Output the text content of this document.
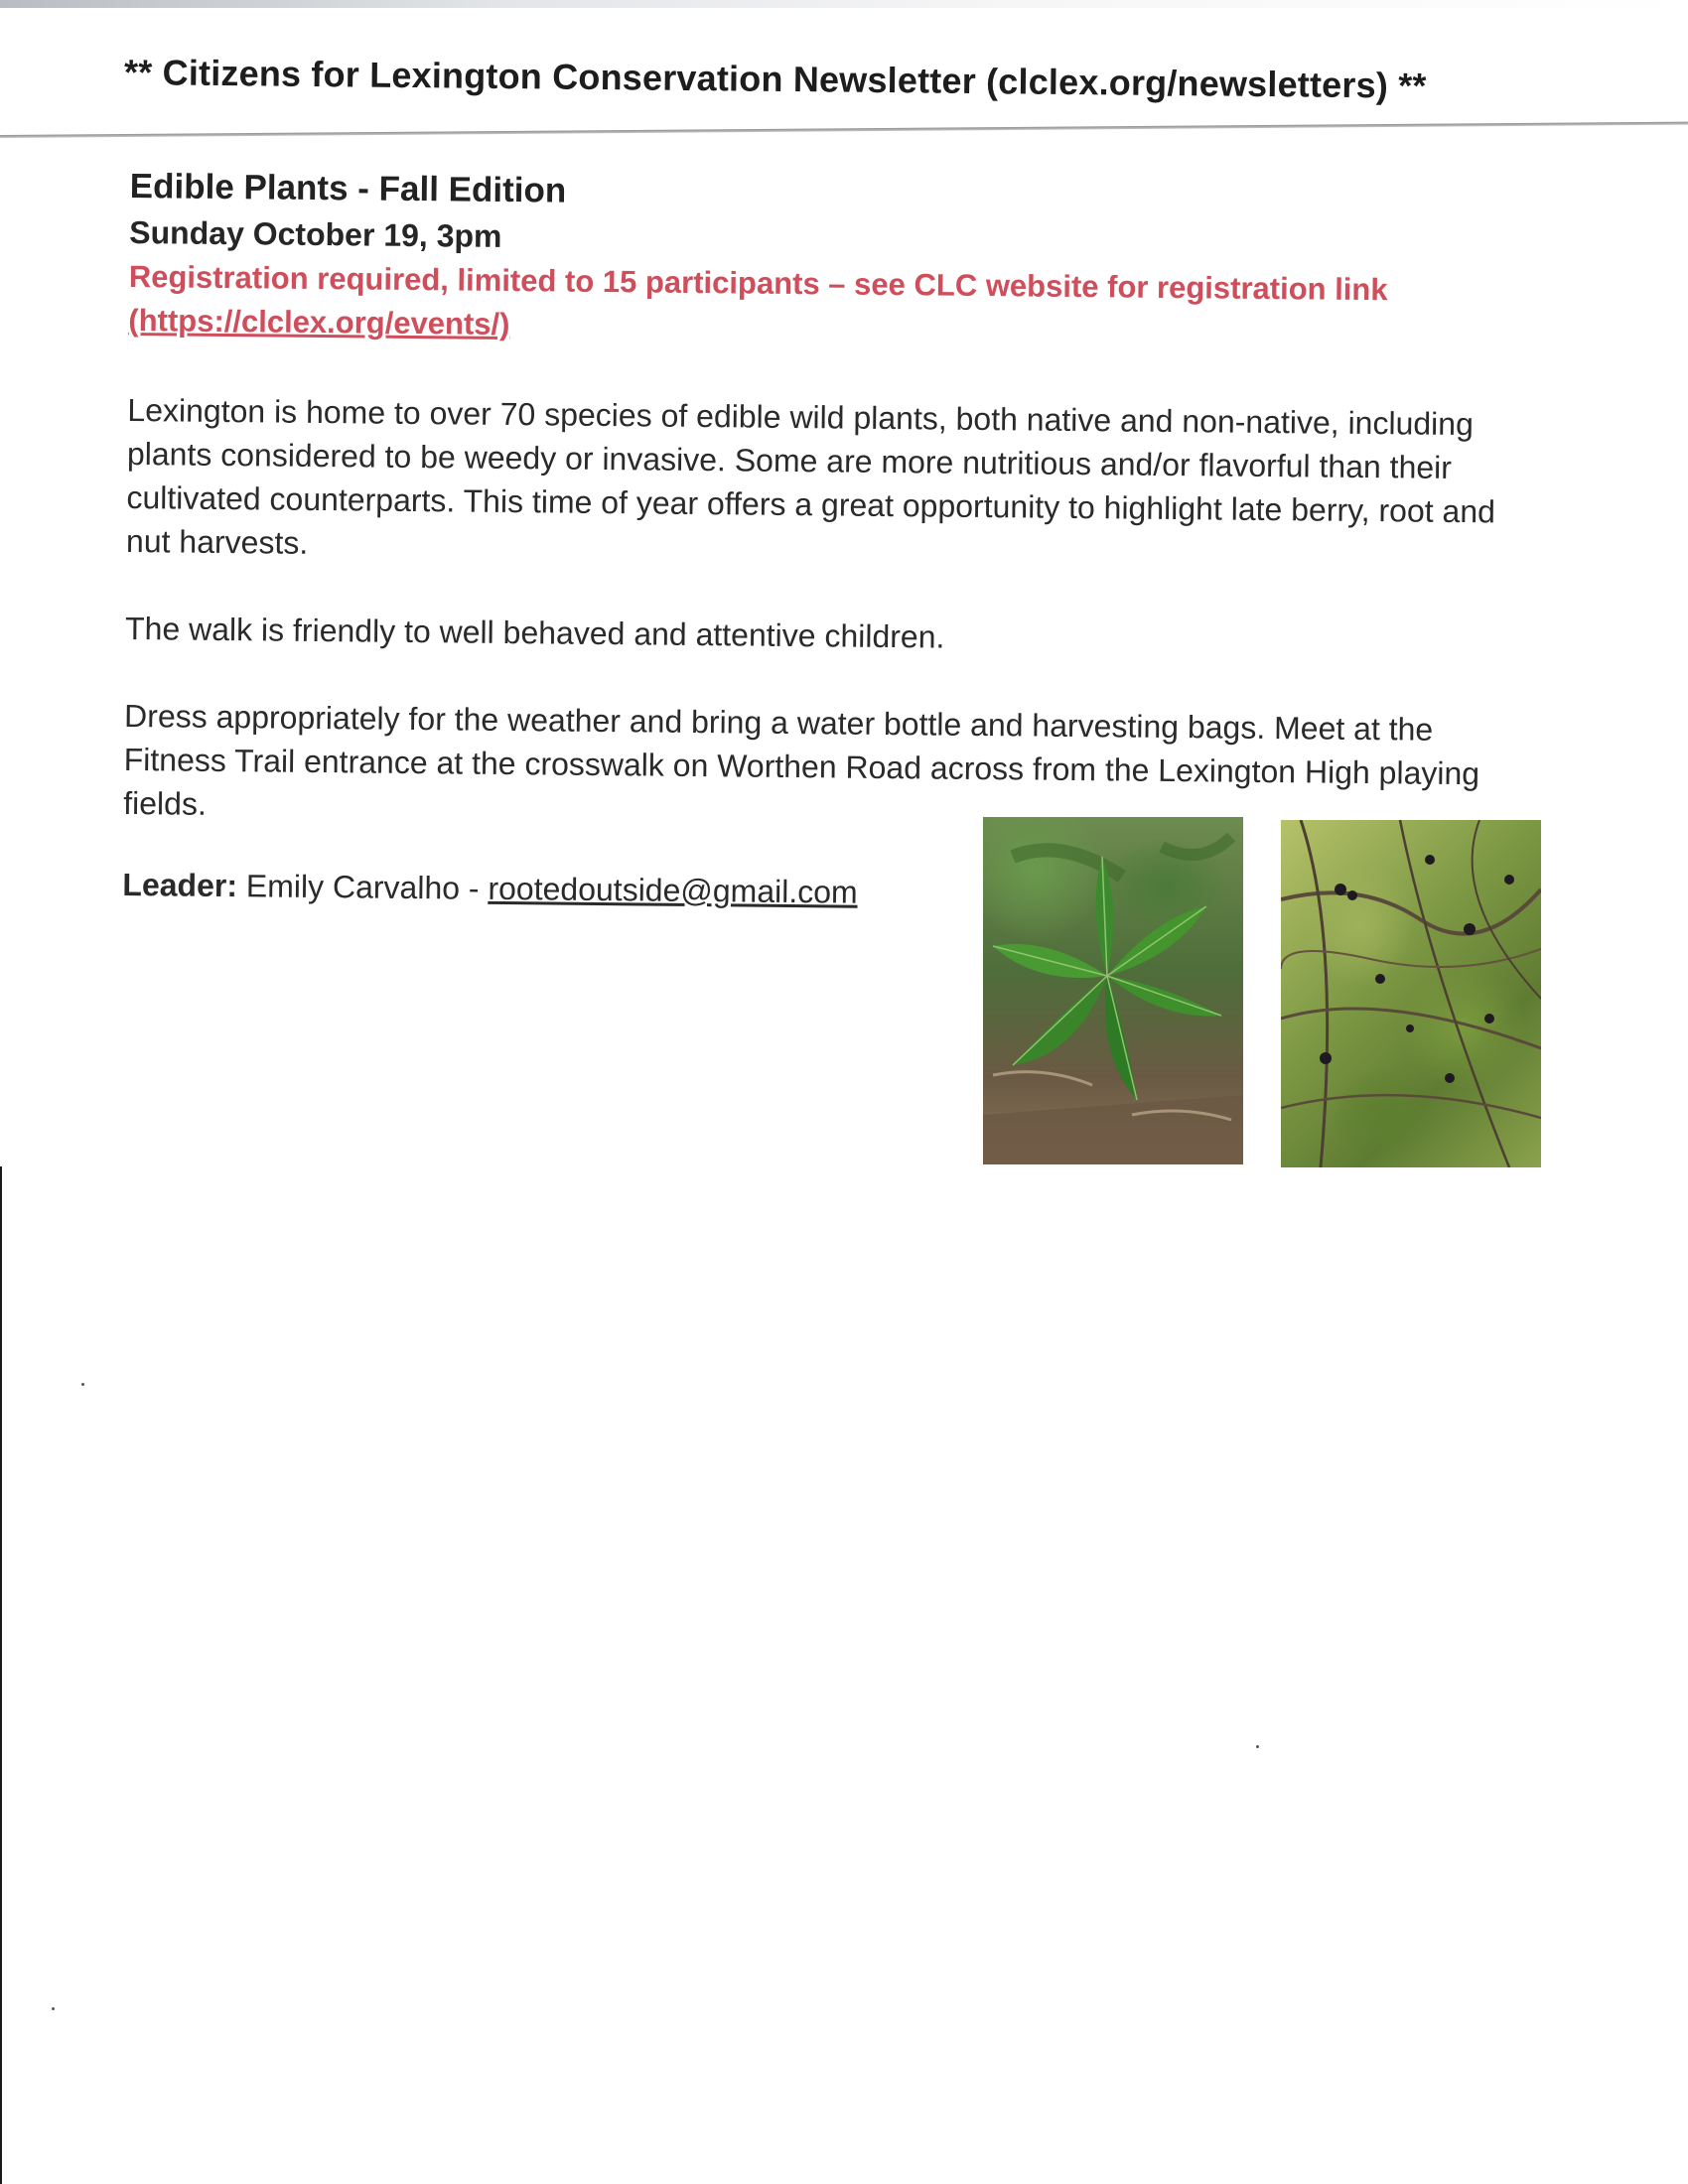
** Citizens for Lexington Conservation Newsletter (clclex.org/newsletters) **

Edible Plants - Fall Edition

Sunday October 19, 3pm

Registration required, limited to 15 participants – see CLC website for registration link
(https://clclex.org/events/)

Lexington is home to over 70 species of edible wild plants, both native and non-native, including plants considered to be weedy or invasive. Some are more nutritious and/or flavorful than their cultivated counterparts. This time of year offers a great opportunity to highlight late berry, root and nut harvests.

The walk is friendly to well behaved and attentive children.

Dress appropriately for the weather and bring a water bottle and harvesting bags. Meet at the Fitness Trail entrance at the crosswalk on Worthen Road across from the Lexington High playing fields.

Leader: Emily Carvalho - rootedoutside@gmail.com
